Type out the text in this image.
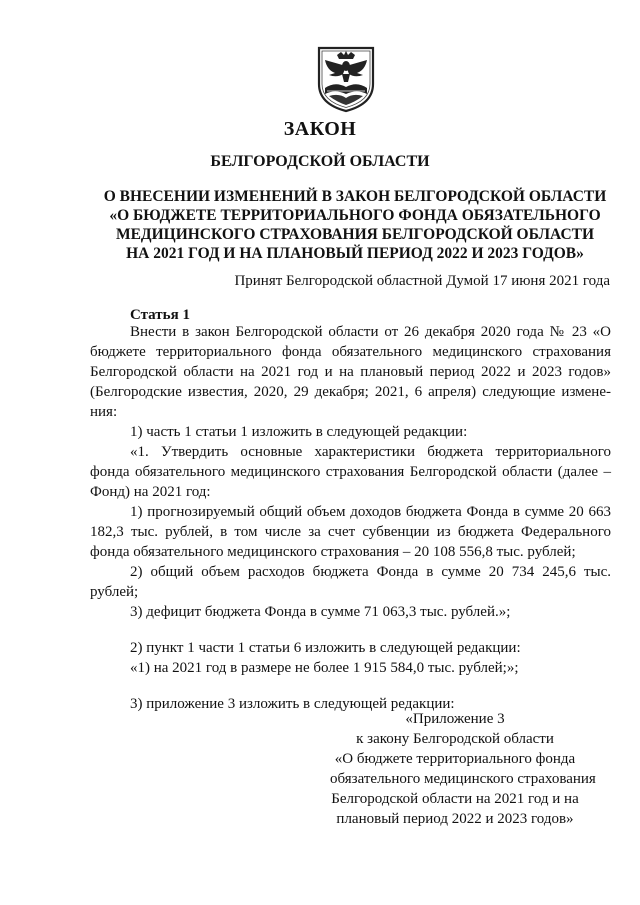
ЗАКОН
БЕЛГОРОДСКОЙ ОБЛАСТИ
О ВНЕСЕНИИ ИЗМЕНЕНИЙ В ЗАКОН БЕЛГОРОДСКОЙ ОБЛАСТИ
«О БЮДЖЕТЕ ТЕРРИТОРИАЛЬНОГО ФОНДА ОБЯЗАТЕЛЬНОГО
МЕДИЦИНСКОГО СТРАХОВАНИЯ БЕЛГОРОДСКОЙ ОБЛАСТИ
НА 2021 ГОД И НА ПЛАНОВЫЙ ПЕРИОД 2022 И 2023 ГОДОВ»
Принят Белгородской областной Думой 17 июня 2021 года
Статья 1
Внести в закон Белгородской области от 26 декабря 2020 года № 23 «О бюджете территориального фонда обязательного медицинского страхования Белгородской области на 2021 год и на плановый период 2022 и 2023 годов» (Белгородские известия, 2020, 29 декабря; 2021, 6 апреля) следующие измене-ния:
1) часть 1 статьи 1 изложить в следующей редакции:
«1. Утвердить основные характеристики бюджета территориального фонда обязательного медицинского страхования Белгородской области (далее – Фонд) на 2021 год:
1) прогнозируемый общий объем доходов бюджета Фонда в сумме 20 663 182,3 тыс. рублей, в том числе за счет субвенции из бюджета Федерального фонда обязательного медицинского страхования – 20 108 556,8 тыс. рублей;
2) общий объем расходов бюджета Фонда в сумме 20 734 245,6 тыс. рублей;
3) дефицит бюджета Фонда в сумме 71 063,3 тыс. рублей.»;
2) пункт 1 части 1 статьи 6 изложить в следующей редакции:
«1) на 2021 год в размере не более 1 915 584,0 тыс. рублей;»;
3) приложение 3 изложить в следующей редакции:
«Приложение 3
к закону Белгородской области
«О бюджете территориального фонда
обязательного медицинского страхования
Белгородской области на 2021 год и на
плановый период 2022 и 2023 годов»
